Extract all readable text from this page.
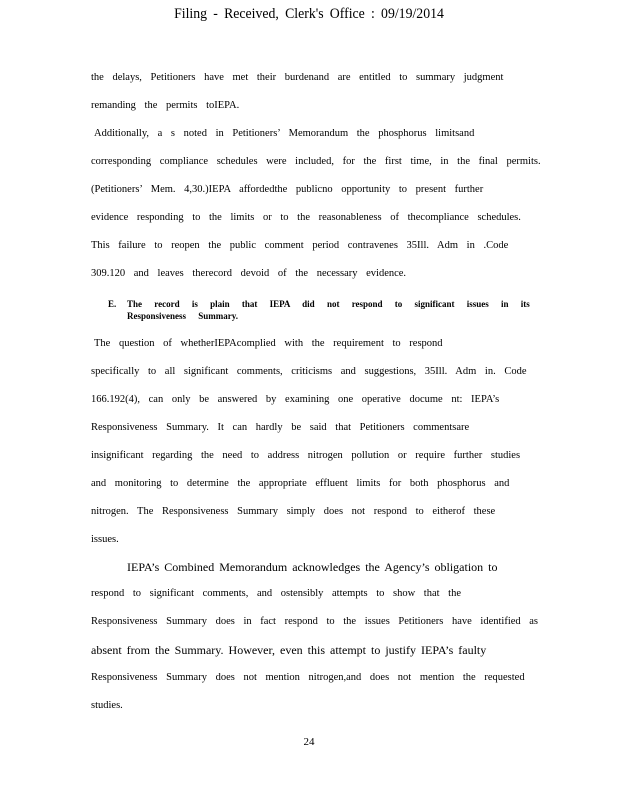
Filing - Received, Clerk's Office : 09/19/2014
the delays, Petitioners have met their burdenand are entitled to summary judgment
remanding the permits toIEPA.
Additionally, a s noted in Petitioners’ Memorandum the phosphorus limitsand
corresponding compliance schedules were included, for the first time, in the final permits.
(Petitioners’ Mem. 4,30.)IEPA affordedthe publicno opportunity to present further
evidence responding to the limits or to the reasonableness of thecompliance schedules.
This failure to reopen the public comment period contravenes 35Ill. Adm in .Code
309.120 and leaves therecord devoid of the necessary evidence.
E. The record is plain that IEPA did not respond to significant issues in its
Responsiveness Summary.
The question of whetherIEPAcomplied with the requirement to respond
specifically to all significant comments, criticisms and suggestions, 35Ill. Adm in. Code
166.192(4), can only be answered by examining one operative docume nt: IEPA’s
Responsiveness Summary. It can hardly be said that Petitioners commentsare
insignificant regarding the need to address nitrogen pollution or require further studies
and monitoring to determine the appropriate effluent limits for both phosphorus and
nitrogen. The Responsiveness Summary simply does not respond to eitherof these
issues.
IEPA’s Combined Memorandum acknowledges the Agency’s obligation to
respond to significant comments, and ostensibly attempts to show that the
Responsiveness Summary does in fact respond to the issues Petitioners have identified as
absent from the Summary. However, even this attempt to justify IEPA’s faulty
Responsiveness Summary does not mention nitrogen,and does not mention the requested
studies.
24
